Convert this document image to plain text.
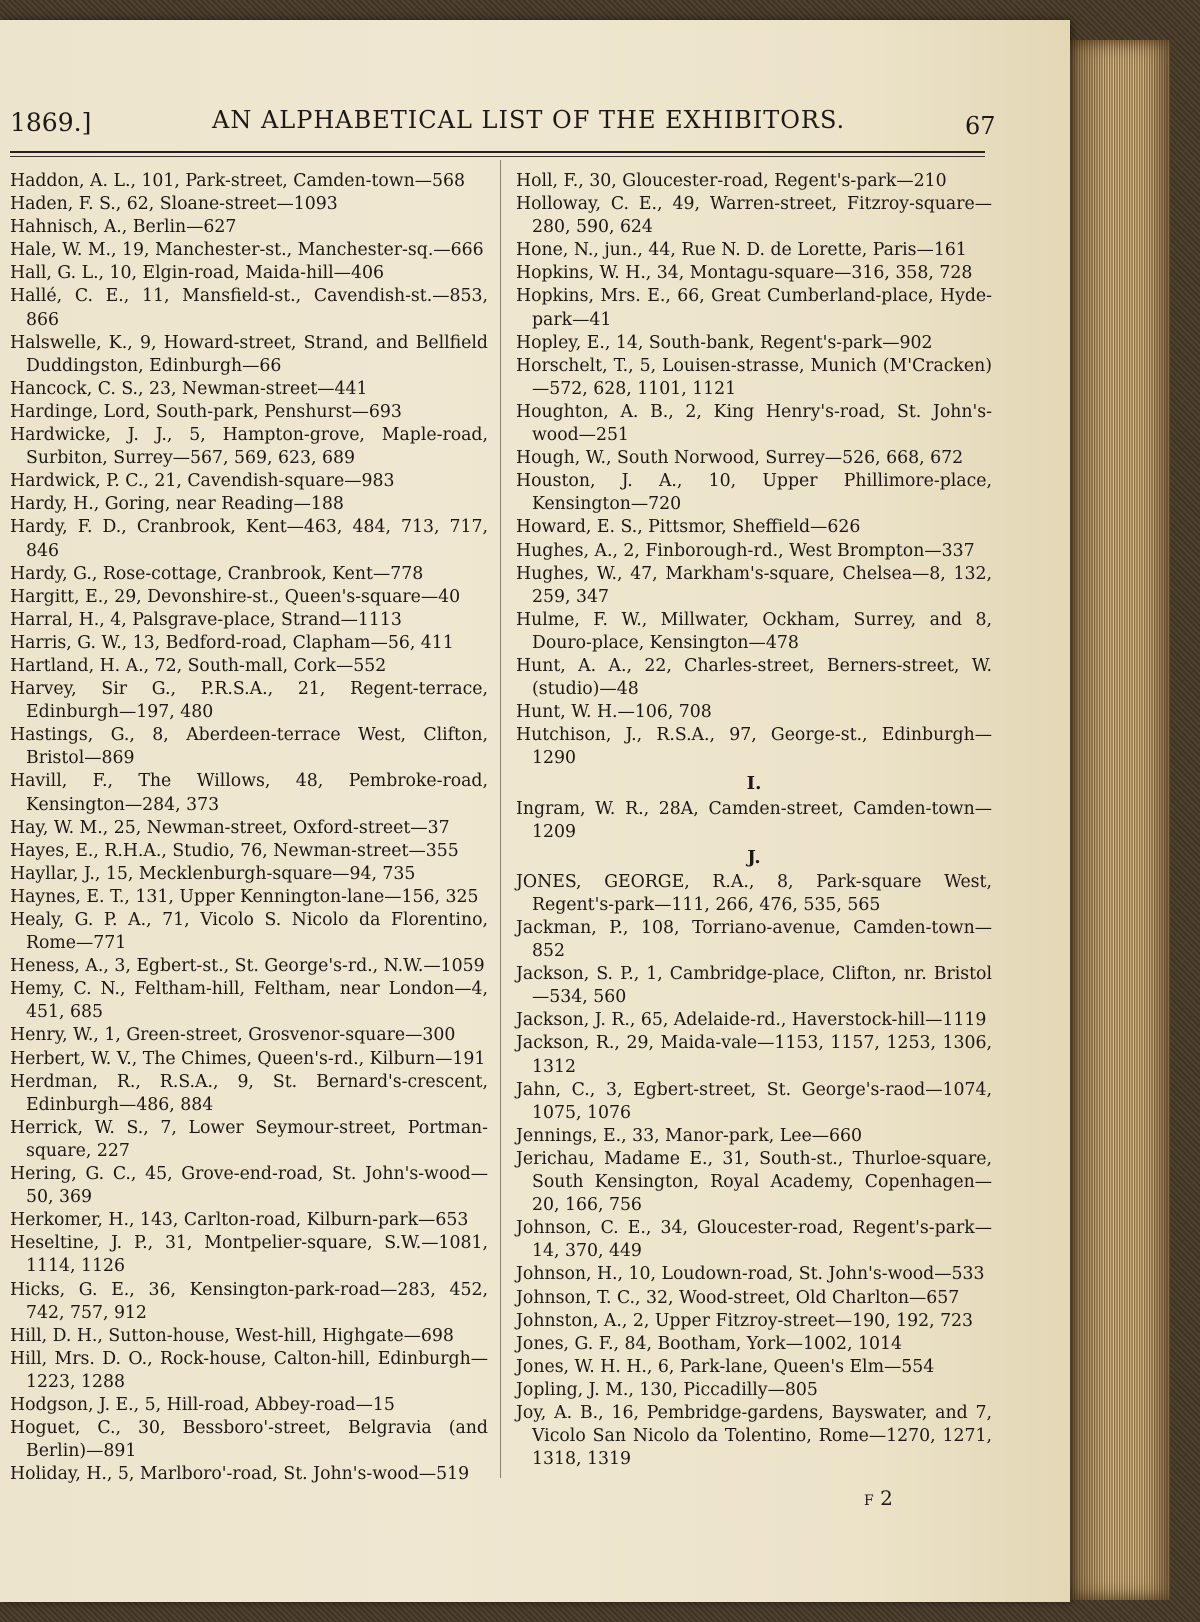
1869.]	AN ALPHABETICAL LIST OF THE EXHIBITORS.	67

Haddon, A. L., 101, Park-street, Camden-town—568

Haden, F. S., 62, Sloane-street—1093

Hahnisch, A., Berlin—627

Hale, W. M., 19, Manchester-st., Manchester-sq.—666

Hall, G. L., 10, Elgin-road, Maida-hill—406

Hallé, C. E., 11, Mansfield-st., Cavendish-st.—853, 866

Halswelle, K., 9, Howard-street, Strand, and Bellfield Duddingston, Edinburgh—66

Hancock, C. S., 23, Newman-street—441

Hardinge, Lord, South-park, Penshurst—693

Hardwicke, J. J., 5, Hampton-grove, Maple-road, Surbiton, Surrey—567, 569, 623, 689

Hardwick, P. C., 21, Cavendish-square—983

Hardy, H., Goring, near Reading—188

Hardy, F. D., Cranbrook, Kent—463, 484, 713, 717, 846

Hardy, G., Rose-cottage, Cranbrook, Kent—778

Hargitt, E., 29, Devonshire-st., Queen's-square—40

Harral, H., 4, Palsgrave-place, Strand—1113

Harris, G. W., 13, Bedford-road, Clapham—56, 411

Hartland, H. A., 72, South-mall, Cork—552

Harvey, Sir G., P.R.S.A., 21, Regent-terrace, Edinburgh—197, 480

Hastings, G., 8, Aberdeen-terrace West, Clifton, Bristol—869

Havill, F., The Willows, 48, Pembroke-road, Kensington—284, 373

Hay, W. M., 25, Newman-street, Oxford-street—37

Hayes, E., R.H.A., Studio, 76, Newman-street—355

Hayllar, J., 15, Mecklenburgh-square—94, 735

Haynes, E. T., 131, Upper Kennington-lane—156, 325

Healy, G. P. A., 71, Vicolo S. Nicolo da Florentino, Rome—771

Heness, A., 3, Egbert-st., St. George's-rd., N.W.—1059

Hemy, C. N., Feltham-hill, Feltham, near London—4, 451, 685

Henry, W., 1, Green-street, Grosvenor-square—300

Herbert, W. V., The Chimes, Queen's-rd., Kilburn—191

Herdman, R., R.S.A., 9, St. Bernard's-crescent, Edinburgh—486, 884

Herrick, W. S., 7, Lower Seymour-street, Portman-square, 227

Hering, G. C., 45, Grove-end-road, St. John's-wood—50, 369

Herkomer, H., 143, Carlton-road, Kilburn-park—653

Heseltine, J. P., 31, Montpelier-square, S.W.—1081, 1114, 1126

Hicks, G. E., 36, Kensington-park-road—283, 452, 742, 757, 912

Hill, D. H., Sutton-house, West-hill, Highgate—698

Hill, Mrs. D. O., Rock-house, Calton-hill, Edinburgh—1223, 1288

Hodgson, J. E., 5, Hill-road, Abbey-road—15

Hoguet, C., 30, Bessboro'-street, Belgravia (and Berlin)—891

Holiday, H., 5, Marlboro'-road, St. John's-wood—519

Holl, F., 30, Gloucester-road, Regent's-park—210

Holloway, C. E., 49, Warren-street, Fitzroy-square—280, 590, 624

Hone, N., jun., 44, Rue N. D. de Lorette, Paris—161

Hopkins, W. H., 34, Montagu-square—316, 358, 728

Hopkins, Mrs. E., 66, Great Cumberland-place, Hyde-park—41

Hopley, E., 14, South-bank, Regent's-park—902

Horschelt, T., 5, Louisen-strasse, Munich (M'Cracken)—572, 628, 1101, 1121

Houghton, A. B., 2, King Henry's-road, St. John's-wood—251

Hough, W., South Norwood, Surrey—526, 668, 672

Houston, J. A., 10, Upper Phillimore-place, Kensington—720

Howard, E. S., Pittsmor, Sheffield—626

Hughes, A., 2, Finborough-rd., West Brompton—337

Hughes, W., 47, Markham's-square, Chelsea—8, 132, 259, 347

Hulme, F. W., Millwater, Ockham, Surrey, and 8, Douro-place, Kensington—478

Hunt, A. A., 22, Charles-street, Berners-street, W. (studio)—48

Hunt, W. H.—106, 708

Hutchison, J., R.S.A., 97, George-st., Edinburgh—1290

I.

Ingram, W. R., 28A, Camden-street, Camden-town—1209

J.

JONES, GEORGE, R.A., 8, Park-square West, Regent's-park—111, 266, 476, 535, 565

Jackman, P., 108, Torriano-avenue, Camden-town—852

Jackson, S. P., 1, Cambridge-place, Clifton, nr. Bristol—534, 560

Jackson, J. R., 65, Adelaide-rd., Haverstock-hill—1119

Jackson, R., 29, Maida-vale—1153, 1157, 1253, 1306, 1312

Jahn, C., 3, Egbert-street, St. George's-raod—1074, 1075, 1076

Jennings, E., 33, Manor-park, Lee—660

Jerichau, Madame E., 31, South-st., Thurloe-square, South Kensington, Royal Academy, Copenhagen—20, 166, 756

Johnson, C. E., 34, Gloucester-road, Regent's-park—14, 370, 449

Johnson, H., 10, Loudown-road, St. John's-wood—533

Johnson, T. C., 32, Wood-street, Old Charlton—657

Johnston, A., 2, Upper Fitzroy-street—190, 192, 723

Jones, G. F., 84, Bootham, York—1002, 1014

Jones, W. H. H., 6, Park-lane, Queen's Elm—554

Jopling, J. M., 130, Piccadilly—805

Joy, A. B., 16, Pembridge-gardens, Bayswater, and 7, Vicolo San Nicolo da Tolentino, Rome—1270, 1271, 1318, 1319

F 2
